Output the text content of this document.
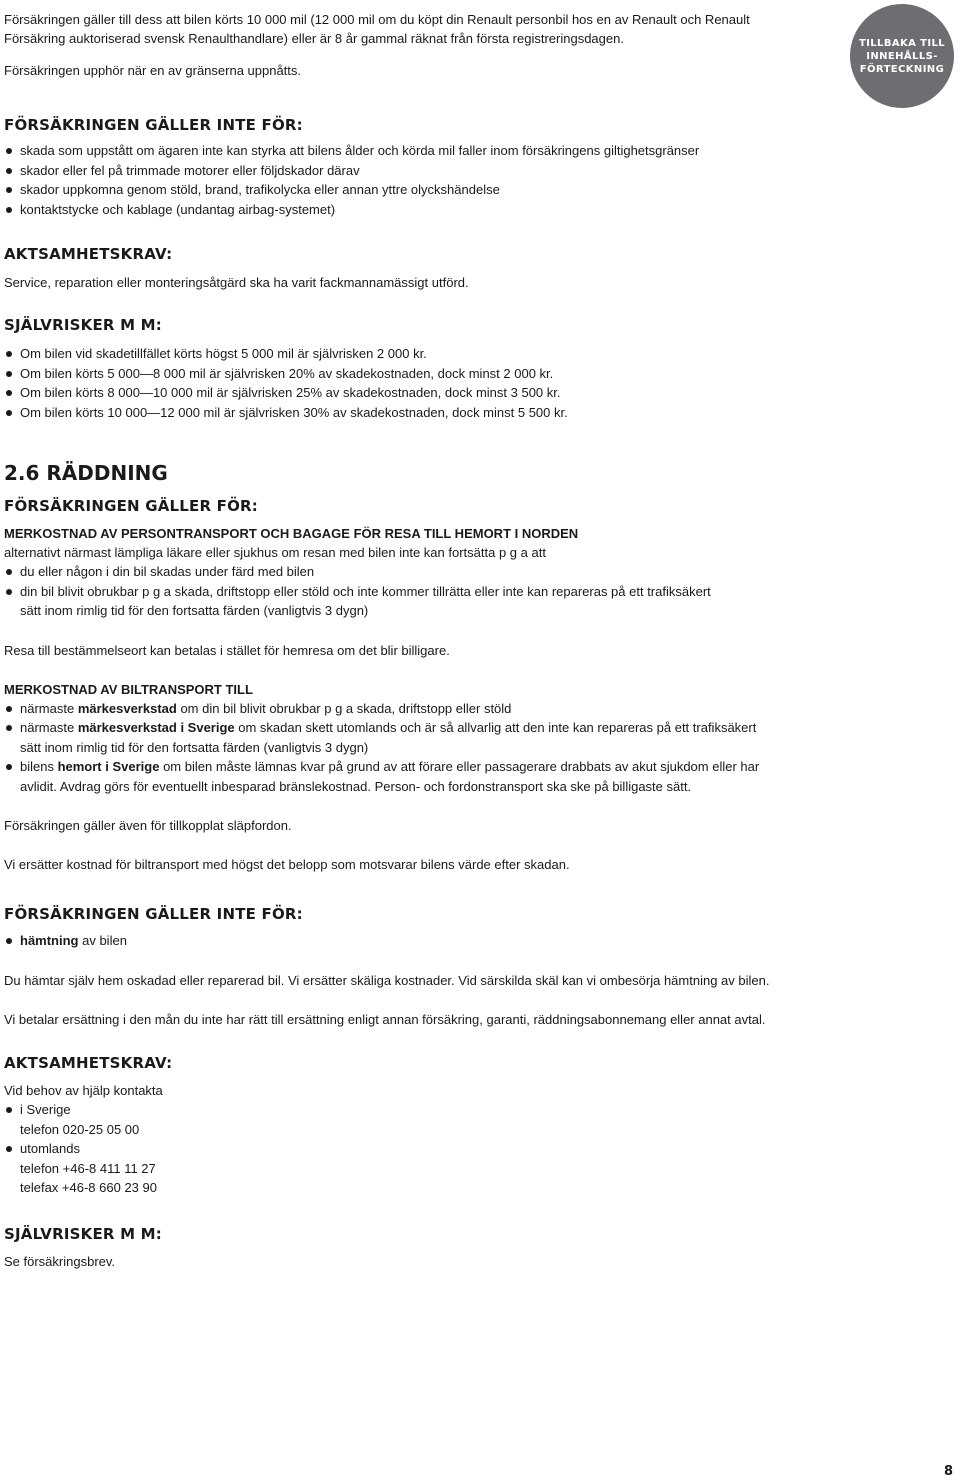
Försäkringen gäller till dess att bilen körts 10 000 mil (12 000 mil om du köpt din Renault personbil hos en av Renault och Renault

Försäkring auktoriserad svensk Renaulthandlare) eller är 8 år gammal räknat från första registreringsdagen.

Försäkringen upphör när en av gränserna uppnåtts.

FÖRSÄKRINGEN GÄLLER INTE FÖR:
skada som uppstått om ägaren inte kan styrka att bilens ålder och körda mil faller inom försäkringens giltighetsgränser
skador eller fel på trimmade motorer eller följdskador därav
skador uppkomna genom stöld, brand, trafikolycka eller annan yttre olyckshändelse
kontaktstycke och kablage (undantag airbag-systemet)
AKTSAMHETSKRAV:

Service, reparation eller monteringsåtgärd ska ha varit fackmannamässigt utförd.

SJÄLVRISKER M M:
Om bilen vid skadetillfället körts högst 5 000 mil är självrisken 2 000 kr.
Om bilen körts 5 000—8 000 mil är självrisken 20% av skadekostnaden, dock minst 2 000 kr.
Om bilen körts 8 000—10 000 mil är självrisken 25% av skadekostnaden, dock minst 3 500 kr.
Om bilen körts 10 000—12 000 mil är självrisken 30% av skadekostnaden, dock minst 5 500 kr.
2.6 RÄDDNING
FÖRSÄKRINGEN GÄLLER FÖR:
MERKOSTNAD AV PERSONTRANSPORT OCH BAGAGE FÖR RESA TILL HEMORT I NORDEN

alternativt närmast lämpliga läkare eller sjukhus om resan med bilen inte kan fortsätta p g a att

du eller någon i din bil skadas under färd med bilen
din bil blivit obrukbar p g a skada, driftstopp eller stöld och inte kommer tillrätta eller inte kan repareras på ett trafiksäkert
sätt inom rimlig tid för den fortsatta färden (vanligtvis 3 dygn)

Resa till bestämmelseort kan betalas i stället för hemresa om det blir billigare.

MERKOSTNAD AV BILTRANSPORT TILL
närmaste märkesverkstad om din bil blivit obrukbar p g a skada, driftstopp eller stöld
närmaste märkesverkstad i Sverige om skadan skett utomlands och är så allvarlig att den inte kan repareras på ett trafiksäkert
sätt inom rimlig tid för den fortsatta färden (vanligtvis 3 dygn)
bilens hemort i Sverige om bilen måste lämnas kvar på grund av att förare eller passagerare drabbats av akut sjukdom eller har
avlidit. Avdrag görs för eventuellt inbesparad bränslekostnad. Person- och fordonstransport ska ske på billigaste sätt.

Försäkringen gäller även för tillkopplat släpfordon.

Vi ersätter kostnad för biltransport med högst det belopp som motsvarar bilens värde efter skadan.

FÖRSÄKRINGEN GÄLLER INTE FÖR:
hämtning av bilen

Du hämtar själv hem oskadad eller reparerad bil. Vi ersätter skäliga kostnader. Vid särskilda skäl kan vi ombesörja hämtning av bilen.

Vi betalar ersättning i den mån du inte har rätt till ersättning enligt annan försäkring, garanti, räddningsabonnemang eller annat avtal.

AKTSAMHETSKRAV:

Vid behov av hjälp kontakta

i Sverige
telefon 020-25 05 00
utomlands
telefon +46-8 411 11 27
telefax +46-8 660 23 90
SJÄLVRISKER M M:

Se försäkringsbrev.

TILLBAKA TILL
INNEHÅLLS-
FÖRTECKNING
8
